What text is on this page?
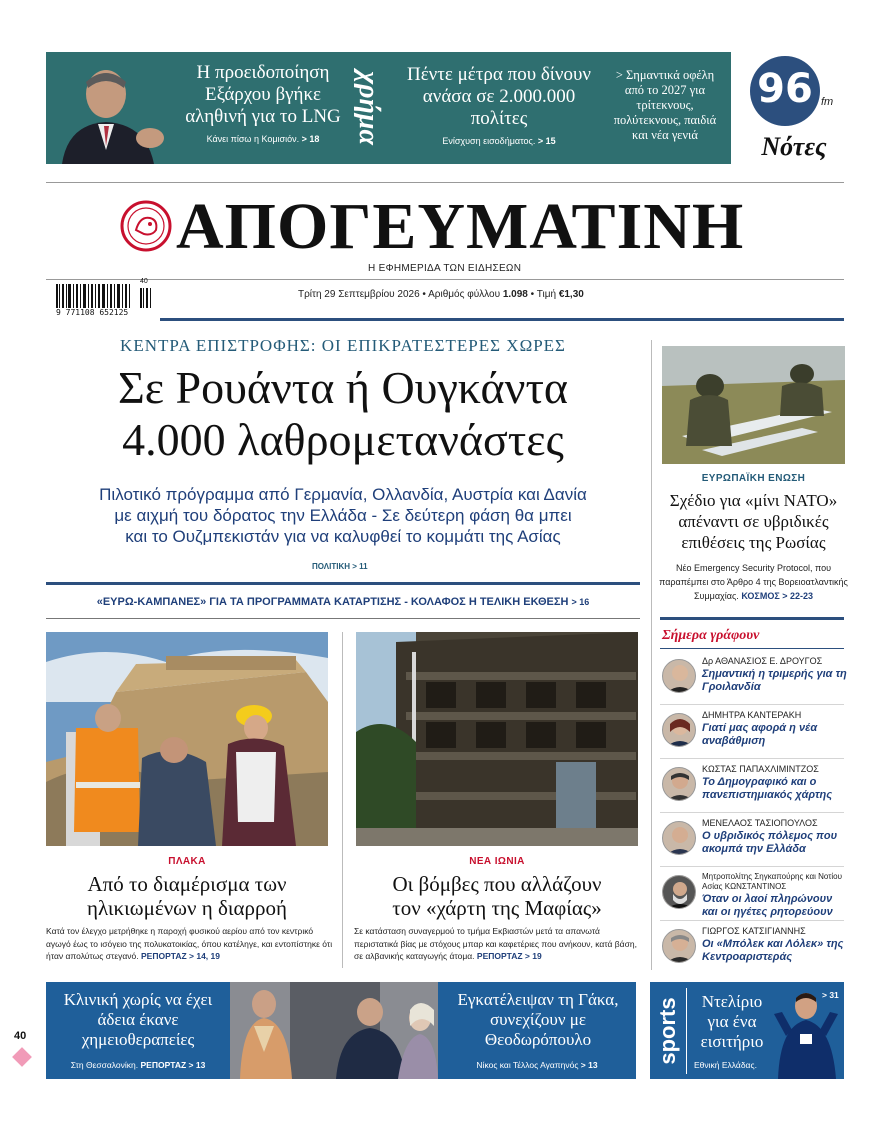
Η προειδοποίηση Εξάρχου βγήκε αληθινή για το LNG
Κάνει πίσω η Κομισιόν. > 18	χρήμα Πέντε μέτρα που δίνουν ανάσα σε 2.000.000 πολίτες
Ενίσχυση εισοδήματος. > 15
> Σημαντικά οφέλη από το 2027 για τρίτεκνους, πολύτεκνους, παιδιά και νέα γενιά
96 fm
Nότες
ΑΠΟΓΕΥΜΑΤΙΝΗ
Η ΕΦΗΜΕΡΙΔΑ ΤΩΝ ΕΙΔΗΣΕΩΝ
9 771108 652125
40
Τρίτη 29 Σεπτεμβρίου 2026 • Αριθμός φύλλου 1.098 • Τιμή €1,30
ΚΕΝΤΡΑ ΕΠΙΣΤΡΟΦΗΣ: ΟΙ ΕΠΙΚΡΑΤΕΣΤΕΡΕΣ ΧΩΡΕΣ
Σε Ρουάντα ή Ουγκάντα
4.000 λαθρομετανάστες
Πιλοτικό πρόγραμμα από Γερμανία, Ολλανδία, Αυστρία και Δανία
με αιχμή του δόρατος την Ελλάδα - Σε δεύτερη φάση θα μπει
και το Ουζμπεκιστάν για να καλυφθεί το κομμάτι της Ασίας
ΠΟΛΙΤΙΚΗ > 11
«ΕΥΡΩ-ΚΑΜΠΑΝΕΣ» ΓΙΑ ΤΑ ΠΡΟΓΡΑΜΜΑΤΑ ΚΑΤΑΡΤΙΣΗΣ - ΚΟΛΑΦΟΣ Η ΤΕΛΙΚΗ ΕΚΘΕΣΗ > 16
ΕΥΡΩΠΑΪΚΗ ΕΝΩΣΗ
Σχέδιο για «μίνι ΝΑΤΟ» απέναντι σε υβριδικές επιθέσεις της Ρωσίας
Νέο Emergency Security Protocol, που παραπέμπει στο Άρθρο 4 της Βορειοατλαντικής Συμμαχίας. ΚΟΣΜΟΣ > 22-23
Σήμερα γράφουν
Δρ ΑΘΑΝΑΣΙΟΣ Ε. ΔΡΟΥΓΟΣ
Σημαντική η τριμερής για τη Γροιλανδία
ΔΗΜΗΤΡΑ ΚΑΝΤΕΡΑΚΗ
Γιατί μας αφορά η νέα αναβάθμιση
ΚΩΣΤΑΣ ΠΑΠΑΧΛΙΜΙΝΤΖΟΣ
Το Δημογραφικό και ο πανεπιστημιακός χάρτης
ΜΕΝΕΛΑΟΣ ΤΑΣΙΟΠΟΥΛΟΣ
Ο υβριδικός πόλεμος που ακομπά την Ελλάδα
Μητροπολίτης Σηγκαπούρης και Νοτίου Ασίας ΚΩΝΣΤΑΝΤΙΝΟΣ
Όταν οι λαοί πληρώνουν και οι ηγέτες ρητορεύουν
ΓΙΩΡΓΟΣ ΚΑΤΣΙΓΙΑΝΝΗΣ
Οι «Μπόλεκ και Λόλεκ» της Κεντροαριστεράς
ΠΛΑΚΑ
Από το διαμέρισμα των
ηλικιωμένων η διαρροή
Κατά τον έλεγχο μετρήθηκε η παροχή φυσικού αερίου από τον κεντρικό αγωγό έως το ισόγειο της πολυκατοικίας, όπου κατέληγε, και εντοπίστηκε ότι ήταν απολύτως στεγανό. ΡΕΠΟΡΤΑΖ > 14, 19
ΝΕΑ ΙΩΝΙΑ
Οι βόμβες που αλλάζουν
τον «χάρτη της Μαφίας»
Σε κατάσταση συναγερμού το τμήμα Εκβιαστών μετά τα απανωτά περιστατικά βίας με στόχους μπαρ και καφετέριες που ανήκουν, κατά βάση, σε αλβανικής καταγωγής άτομα. ΡΕΠΟΡΤΑΖ > 19
40
Κλινική χωρίς να έχει άδεια έκανε χημειοθεραπείες
Στη Θεσσαλονίκη. ΡΕΠΟΡΤΑΖ > 13
Εγκατέλειψαν τη Γάκα, συνεχίζουν με Θεοδωρόπουλο
Νίκος και Τέλλος Αγαπηνός > 13
sports	Ντελίριο για ένα εισιτήριο
Εθνική Ελλάδας.
> 31
